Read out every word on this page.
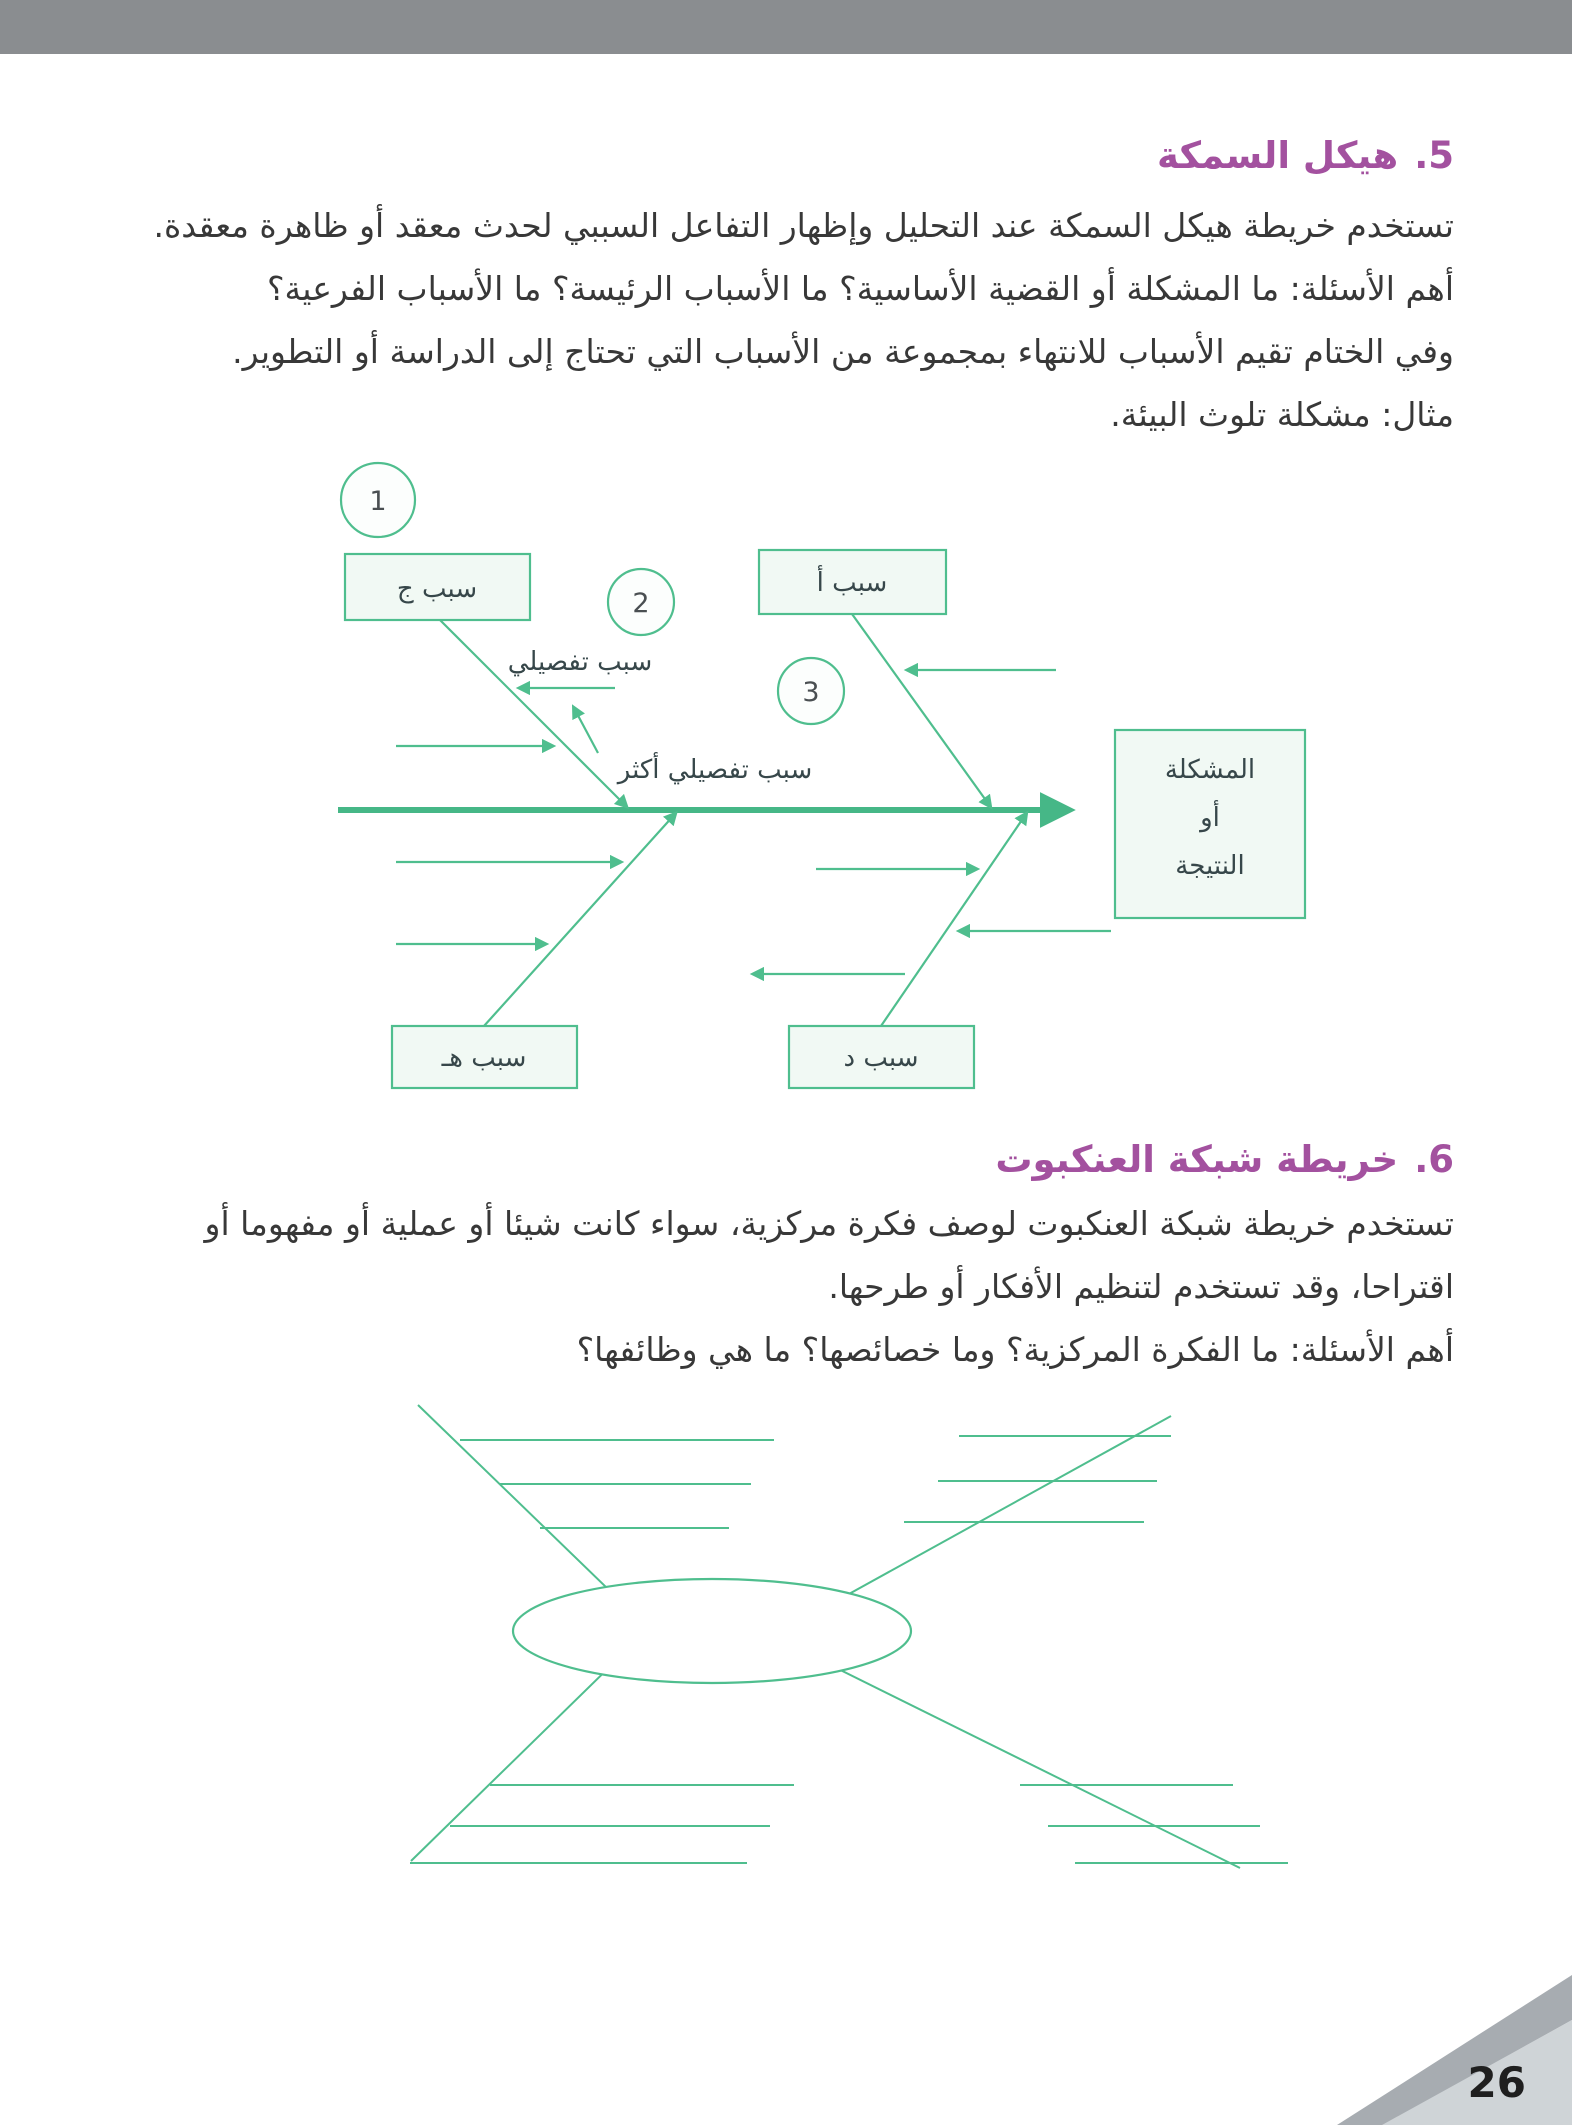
5.هيكل السمكة
تستخدم خريطة هيكل السمكة عند التحليل وإظهار التفاعل السببي لحدث معقد أو ظاهرة معقدة.
أهم الأسئلة: ما المشكلة أو القضية الأساسية؟ ما الأسباب الرئيسة؟ ما الأسباب الفرعية؟
وفي الختام تقيم الأسباب للانتهاء بمجموعة من الأسباب التي تحتاج إلى الدراسة أو التطوير.
مثال: مشكلة تلوث البيئة.
1
2
3
سبب ج	سبب أ
سبب هـ	سبب د
المشكلة
أو
النتيجة
سبب تفصيلي
سبب تفصيلي أكثر
6.خريطة شبكة العنكبوت
تستخدم خريطة شبكة العنكبوت لوصف فكرة مركزية، سواء كانت شيئا أو عملية أو مفهوما أو
اقتراحا، وقد تستخدم لتنظيم الأفكار أو طرحها.
أهم الأسئلة: ما الفكرة المركزية؟ وما خصائصها؟ ما هي وظائفها؟
26
